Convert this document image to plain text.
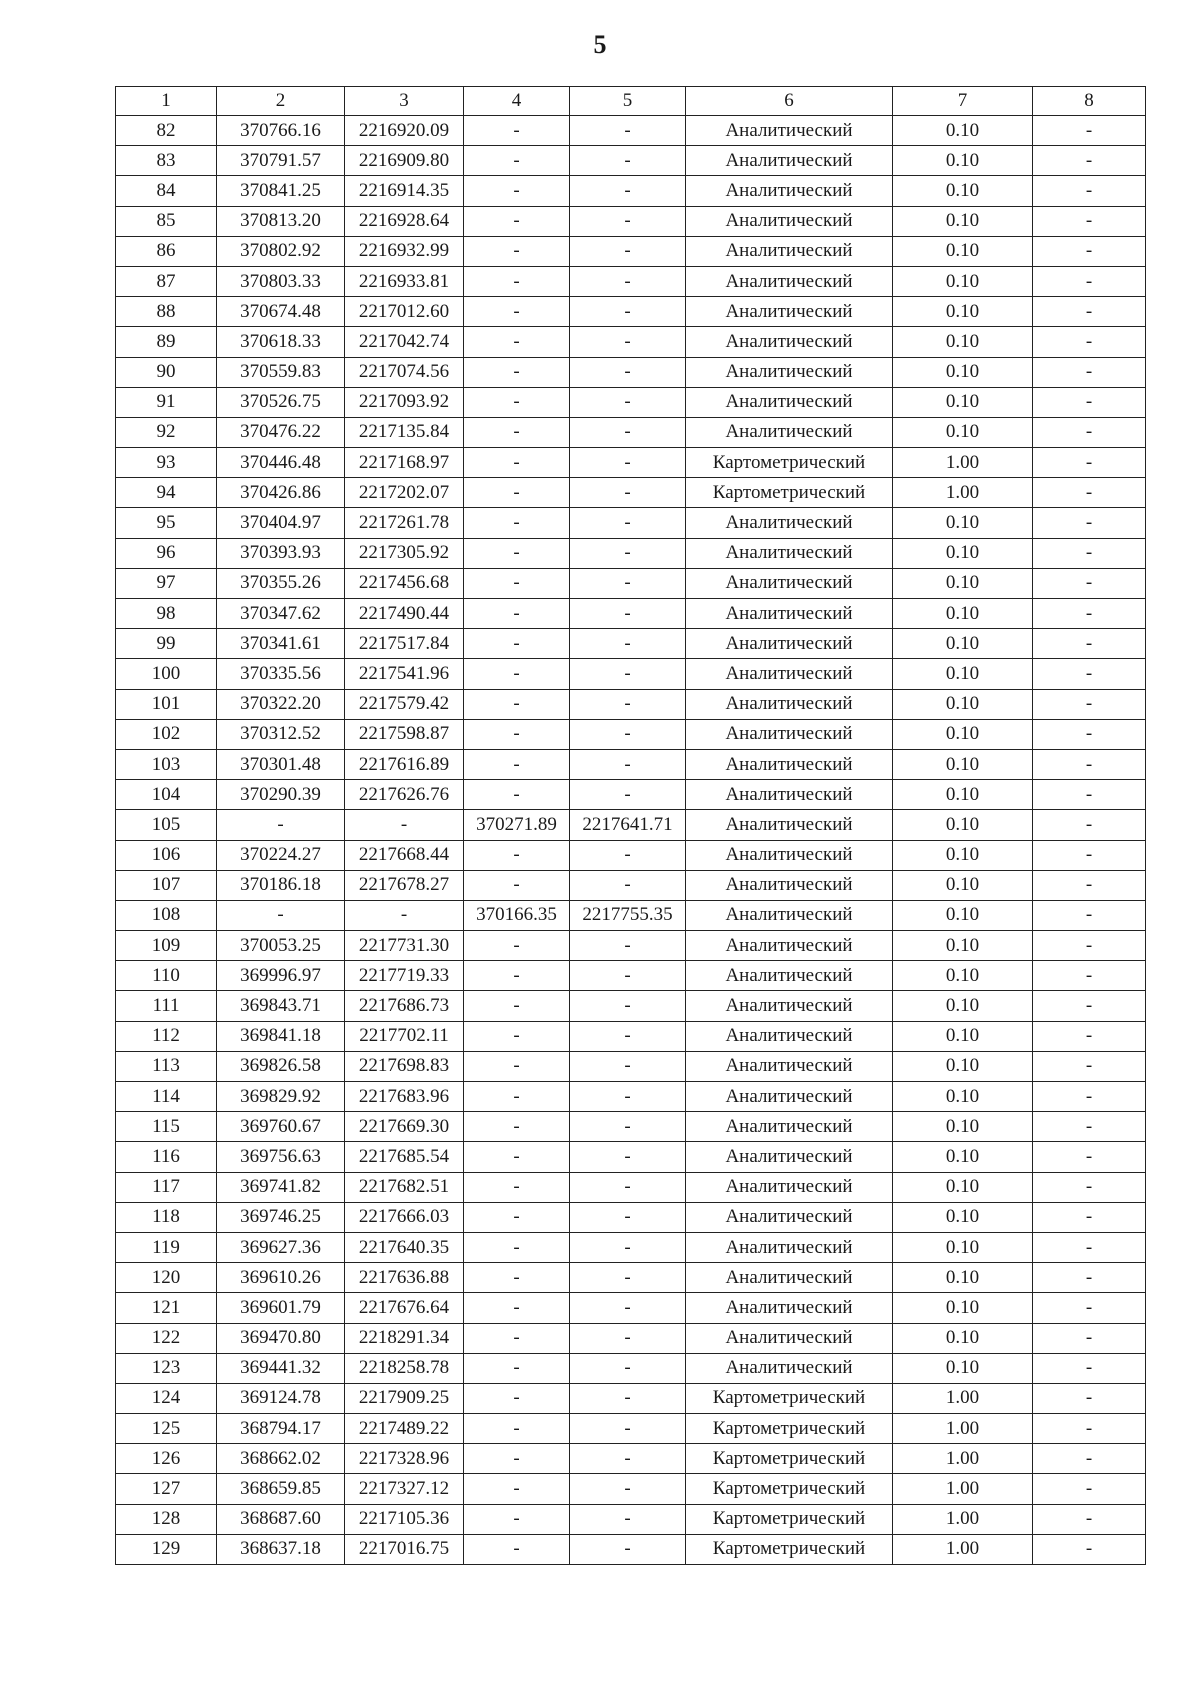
5
1	2	3	4	5	6	7	8
82	370766.16	2216920.09	-	-	Аналитический	0.10	-
83	370791.57	2216909.80	-	-	Аналитический	0.10	-
84	370841.25	2216914.35	-	-	Аналитический	0.10	-
85	370813.20	2216928.64	-	-	Аналитический	0.10	-
86	370802.92	2216932.99	-	-	Аналитический	0.10	-
87	370803.33	2216933.81	-	-	Аналитический	0.10	-
88	370674.48	2217012.60	-	-	Аналитический	0.10	-
89	370618.33	2217042.74	-	-	Аналитический	0.10	-
90	370559.83	2217074.56	-	-	Аналитический	0.10	-
91	370526.75	2217093.92	-	-	Аналитический	0.10	-
92	370476.22	2217135.84	-	-	Аналитический	0.10	-
93	370446.48	2217168.97	-	-	Картометрический	1.00	-
94	370426.86	2217202.07	-	-	Картометрический	1.00	-
95	370404.97	2217261.78	-	-	Аналитический	0.10	-
96	370393.93	2217305.92	-	-	Аналитический	0.10	-
97	370355.26	2217456.68	-	-	Аналитический	0.10	-
98	370347.62	2217490.44	-	-	Аналитический	0.10	-
99	370341.61	2217517.84	-	-	Аналитический	0.10	-
100	370335.56	2217541.96	-	-	Аналитический	0.10	-
101	370322.20	2217579.42	-	-	Аналитический	0.10	-
102	370312.52	2217598.87	-	-	Аналитический	0.10	-
103	370301.48	2217616.89	-	-	Аналитический	0.10	-
104	370290.39	2217626.76	-	-	Аналитический	0.10	-
105	-	-	370271.89	2217641.71	Аналитический	0.10	-
106	370224.27	2217668.44	-	-	Аналитический	0.10	-
107	370186.18	2217678.27	-	-	Аналитический	0.10	-
108	-	-	370166.35	2217755.35	Аналитический	0.10	-
109	370053.25	2217731.30	-	-	Аналитический	0.10	-
110	369996.97	2217719.33	-	-	Аналитический	0.10	-
111	369843.71	2217686.73	-	-	Аналитический	0.10	-
112	369841.18	2217702.11	-	-	Аналитический	0.10	-
113	369826.58	2217698.83	-	-	Аналитический	0.10	-
114	369829.92	2217683.96	-	-	Аналитический	0.10	-
115	369760.67	2217669.30	-	-	Аналитический	0.10	-
116	369756.63	2217685.54	-	-	Аналитический	0.10	-
117	369741.82	2217682.51	-	-	Аналитический	0.10	-
118	369746.25	2217666.03	-	-	Аналитический	0.10	-
119	369627.36	2217640.35	-	-	Аналитический	0.10	-
120	369610.26	2217636.88	-	-	Аналитический	0.10	-
121	369601.79	2217676.64	-	-	Аналитический	0.10	-
122	369470.80	2218291.34	-	-	Аналитический	0.10	-
123	369441.32	2218258.78	-	-	Аналитический	0.10	-
124	369124.78	2217909.25	-	-	Картометрический	1.00	-
125	368794.17	2217489.22	-	-	Картометрический	1.00	-
126	368662.02	2217328.96	-	-	Картометрический	1.00	-
127	368659.85	2217327.12	-	-	Картометрический	1.00	-
128	368687.60	2217105.36	-	-	Картометрический	1.00	-
129	368637.18	2217016.75	-	-	Картометрический	1.00	-
